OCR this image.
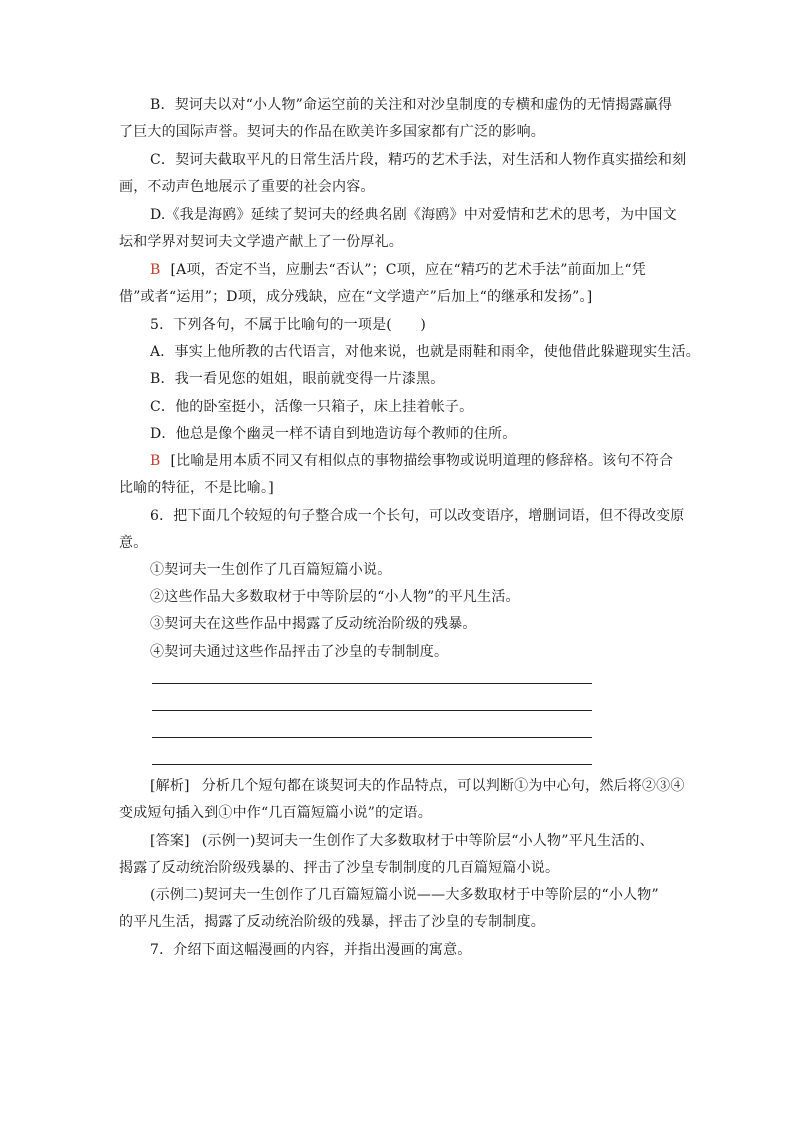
B．契诃夫以对“小人物”命运空前的关注和对沙皇制度的专横和虚伪的无情揭露赢得
了巨大的国际声誉。契诃夫的作品在欧美许多国家都有广泛的影响。
C．契诃夫截取平凡的日常生活片段，精巧的艺术手法，对生活和人物作真实描绘和刻
画，不动声色地展示了重要的社会内容。
D.《我是海鸥》延续了契诃夫的经典名剧《海鸥》中对爱情和艺术的思考，为中国文
坛和学界对契诃夫文学遗产献上了一份厚礼。
B [A项，否定不当，应删去“否认”；C项，应在“精巧的艺术手法”前面加上“凭
借”或者“运用”；D项，成分残缺，应在“文学遗产”后加上“的继承和发扬”。]
5．下列各句，不属于比喻句的一项是(　　)
A．事实上他所教的古代语言，对他来说，也就是雨鞋和雨伞，使他借此躲避现实生活。
B．我一看见您的姐姐，眼前就变得一片漆黑。
C．他的卧室挺小，活像一只箱子，床上挂着帐子。
D．他总是像个幽灵一样不请自到地造访每个教师的住所。
B [比喻是用本质不同又有相似点的事物描绘事物或说明道理的修辞格。该句不符合
比喻的特征，不是比喻。]
6．把下面几个较短的句子整合成一个长句，可以改变语序，增删词语，但不得改变原
意。
①契诃夫一生创作了几百篇短篇小说。
②这些作品大多数取材于中等阶层的“小人物”的平凡生活。
③契诃夫在这些作品中揭露了反动统治阶级的残暴。
④契诃夫通过这些作品抨击了沙皇的专制制度。
[解析] 分析几个短句都在谈契诃夫的作品特点，可以判断①为中心句，然后将②③④
变成短句插入到①中作“几百篇短篇小说”的定语。
[答案] (示例一)契诃夫一生创作了大多数取材于中等阶层“小人物”平凡生活的、
揭露了反动统治阶级残暴的、抨击了沙皇专制制度的几百篇短篇小说。
(示例二)契诃夫一生创作了几百篇短篇小说——大多数取材于中等阶层的“小人物”
的平凡生活，揭露了反动统治阶级的残暴，抨击了沙皇的专制制度。
7．介绍下面这幅漫画的内容，并指出漫画的寓意。
